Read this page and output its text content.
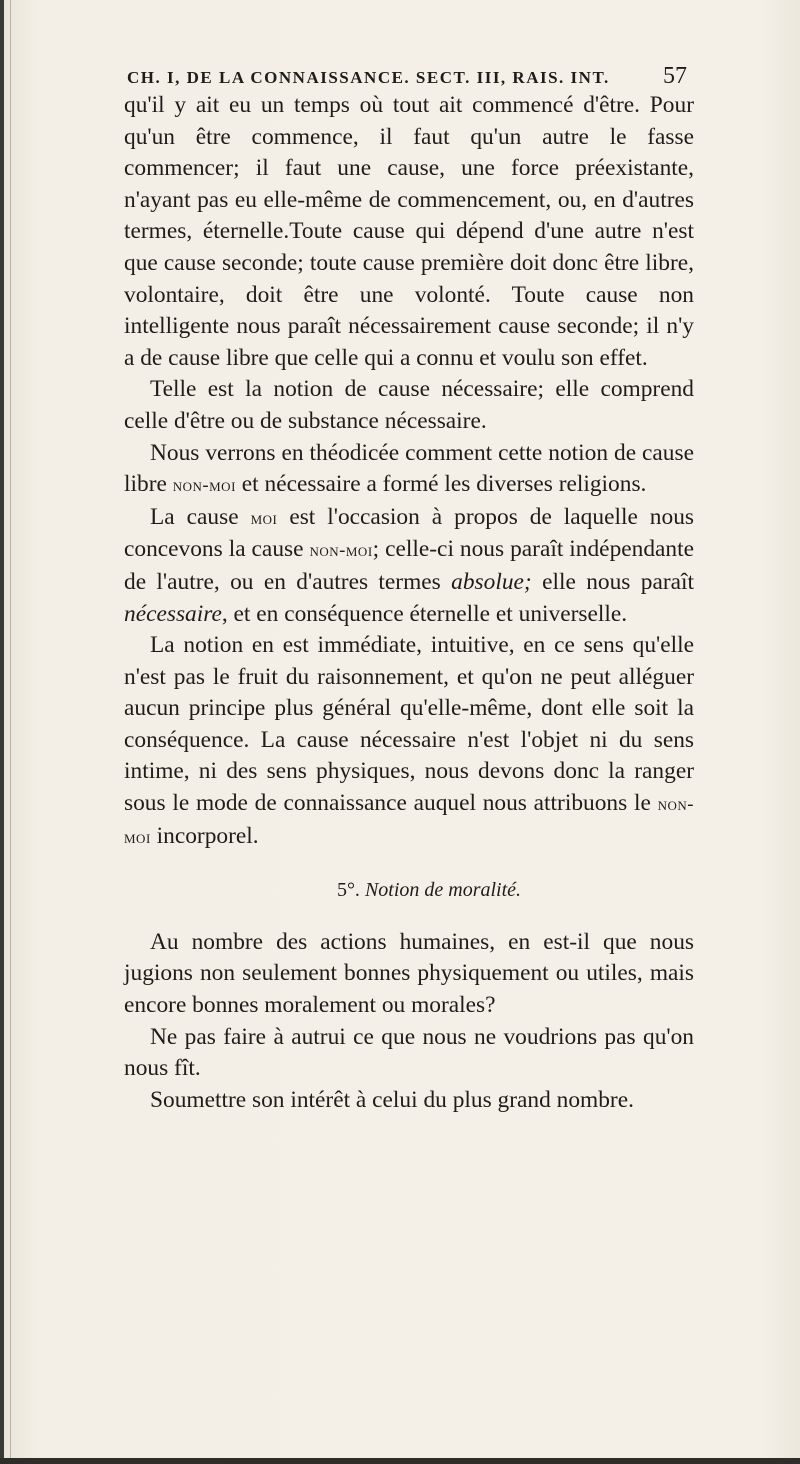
CH. I, DE LA CONNAISSANCE. SECT. III, RAIS. INT. 57

qu'il y ait eu un temps où tout ait commencé d'être. Pour qu'un être commence, il faut qu'un autre le fasse commencer; il faut une cause, une force préexistante, n'ayant pas eu elle-même de commencement, ou, en d'autres termes, éternelle.Toute cause qui dépend d'une autre n'est que cause seconde; toute cause première doit donc être libre, volontaire, doit être une volonté. Toute cause non intelligente nous paraît nécessairement cause seconde; il n'y a de cause libre que celle qui a connu et voulu son effet.

Telle est la notion de cause nécessaire; elle comprend celle d'être ou de substance nécessaire.

Nous verrons en théodicée comment cette notion de cause libre non-moi et nécessaire a formé les diverses religions.

La cause moi est l'occasion à propos de laquelle nous concevons la cause non-moi; celle-ci nous paraît indépendante de l'autre, ou en d'autres termes absolue; elle nous paraît nécessaire, et en conséquence éternelle et universelle.

La notion en est immédiate, intuitive, en ce sens qu'elle n'est pas le fruit du raisonnement, et qu'on ne peut alléguer aucun principe plus général qu'elle-même, dont elle soit la conséquence. La cause nécessaire n'est l'objet ni du sens intime, ni des sens physiques, nous devons donc la ranger sous le mode de connaissance auquel nous attribuons le non-moi incorporel.

5°. Notion de moralité.

Au nombre des actions humaines, en est-il que nous jugions non seulement bonnes physiquement ou utiles, mais encore bonnes moralement ou morales?

Ne pas faire à autrui ce que nous ne voudrions pas qu'on nous fît.

Soumettre son intérêt à celui du plus grand nombre.
